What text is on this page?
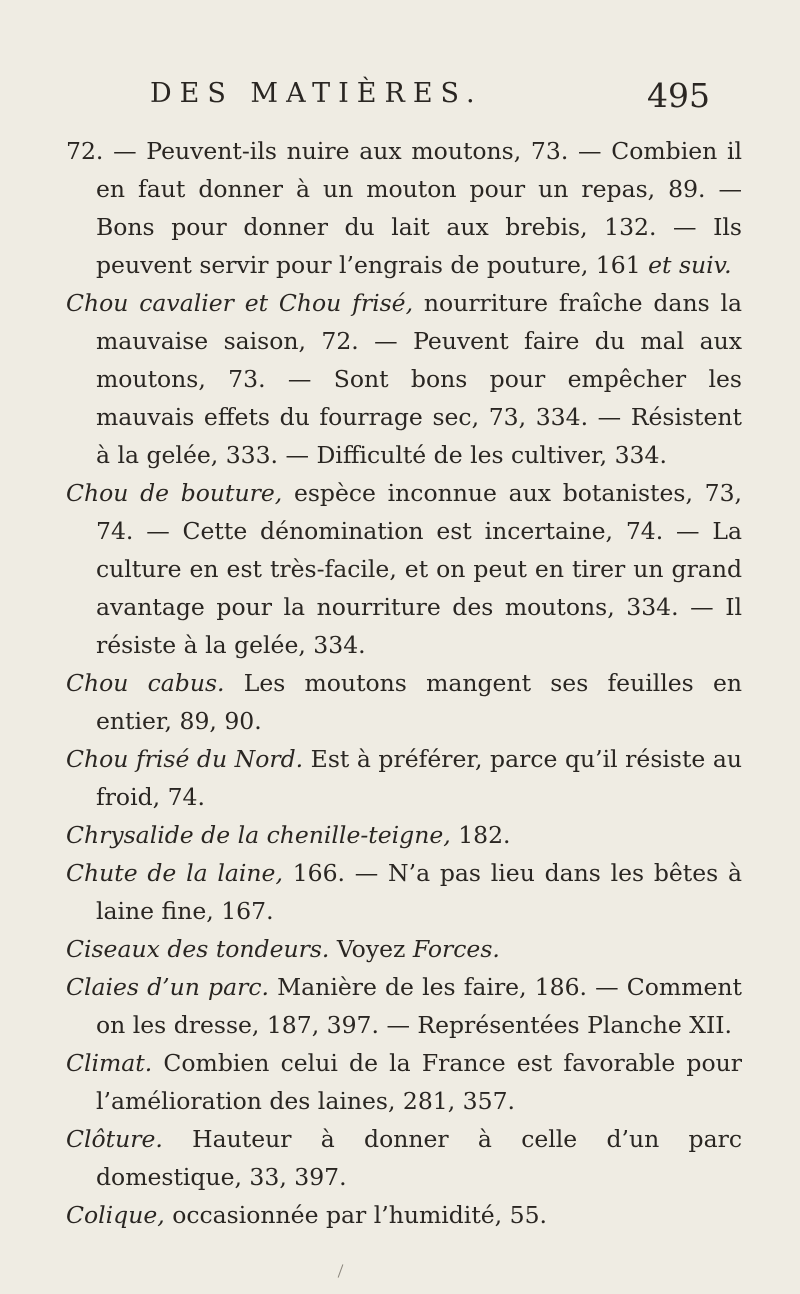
DES MATIÈRES.	495

72. — Peuvent-ils nuire aux moutons, 73. — Combien il en faut donner à un mouton pour un repas, 89. — Bons pour donner du lait aux brebis, 132. — Ils peuvent servir pour l’engrais de pouture, 161 et suiv.

Chou cavalier et Chou frisé, nourriture fraîche dans la mauvaise saison, 72. — Peuvent faire du mal aux moutons, 73. — Sont bons pour empêcher les mauvais effets du fourrage sec, 73, 334. — Résistent à la gelée, 333. — Difficulté de les cultiver, 334.

Chou de bouture, espèce inconnue aux botanistes, 73, 74. — Cette dénomination est incertaine, 74. — La culture en est très-facile, et on peut en tirer un grand avantage pour la nourriture des moutons, 334. — Il résiste à la gelée, 334.

Chou cabus. Les moutons mangent ses feuilles en entier, 89, 90.

Chou frisé du Nord. Est à préférer, parce qu’il résiste au froid, 74.

Chrysalide de la chenille-teigne, 182.

Chute de la laine, 166. — N’a pas lieu dans les bêtes à laine fine, 167.

Ciseaux des tondeurs. Voyez Forces.

Claies d’un parc. Manière de les faire, 186. — Comment on les dresse, 187, 397. — Représentées Planche XII.

Climat. Combien celui de la France est favorable pour l’amélioration des laines, 281, 357.

Clôture. Hauteur à donner à celle d’un parc domestique, 33, 397.

Colique, occasionnée par l’humidité, 55.
